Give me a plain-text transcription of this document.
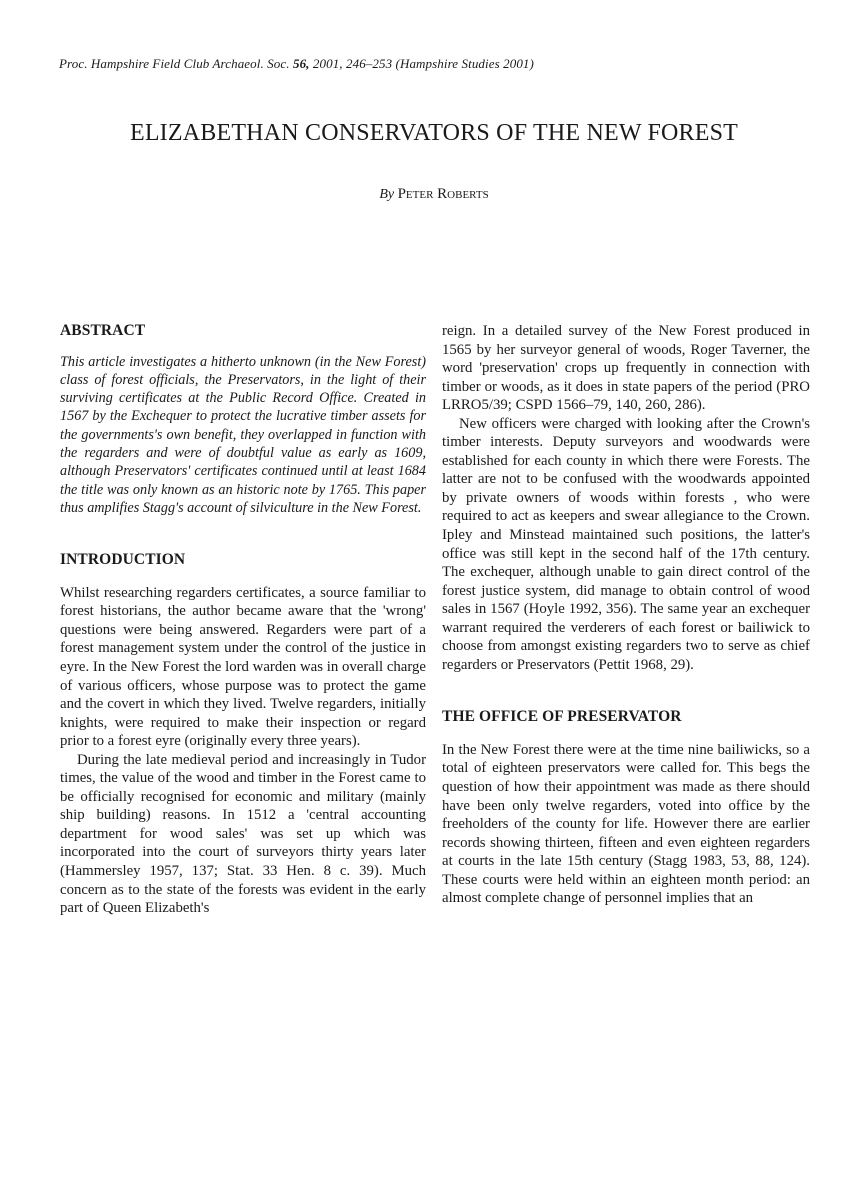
Proc. Hampshire Field Club Archaeol. Soc. 56, 2001, 246–253 (Hampshire Studies 2001)
ELIZABETHAN CONSERVATORS OF THE NEW FOREST
By Peter Roberts
ABSTRACT

This article investigates a hitherto unknown (in the New Forest) class of forest officials, the Preservators, in the light of their surviving certificates at the Public Record Office. Created in 1567 by the Exchequer to protect the lucrative timber assets for the governments's own benefit, they overlapped in function with the regarders and were of doubtful value as early as 1609, although Preservators' certificates continued until at least 1684 the title was only known as an historic note by 1765. This paper thus amplifies Stagg's account of silviculture in the New Forest.

INTRODUCTION

Whilst researching regarders certificates, a source familiar to forest historians, the author became aware that the 'wrong' questions were being answered. Regarders were part of a forest management system under the control of the justice in eyre. In the New Forest the lord warden was in overall charge of various officers, whose purpose was to protect the game and the covert in which they lived. Twelve regarders, initially knights, were required to make their inspection or regard prior to a forest eyre (originally every three years).

During the late medieval period and increasingly in Tudor times, the value of the wood and timber in the Forest came to be officially recognised for economic and military (mainly ship building) reasons. In 1512 a 'central accounting department for wood sales' was set up which was incorporated into the court of surveyors thirty years later (Hammersley 1957, 137; Stat. 33 Hen. 8 c. 39). Much concern as to the state of the forests was evident in the early part of Queen Elizabeth's

reign. In a detailed survey of the New Forest produced in 1565 by her surveyor general of woods, Roger Taverner, the word 'preservation' crops up frequently in connection with timber or woods, as it does in state papers of the period (PRO LRRO5/39; CSPD 1566–79, 140, 260, 286).

New officers were charged with looking after the Crown's timber interests. Deputy surveyors and woodwards were established for each county in which there were Forests. The latter are not to be confused with the woodwards appointed by private owners of woods within forests , who were required to act as keepers and swear allegiance to the Crown. Ipley and Minstead maintained such positions, the latter's office was still kept in the second half of the 17th century. The exchequer, although unable to gain direct control of the forest justice system, did manage to obtain control of wood sales in 1567 (Hoyle 1992, 356). The same year an exchequer warrant required the verderers of each forest or bailiwick to choose from amongst existing regarders two to serve as chief regarders or Preservators (Pettit 1968, 29).

THE OFFICE OF PRESERVATOR

In the New Forest there were at the time nine bailiwicks, so a total of eighteen preservators were called for. This begs the question of how their appointment was made as there should have been only twelve regarders, voted into office by the freeholders of the county for life. However there are earlier records showing thirteen, fifteen and even eighteen regarders at courts in the late 15th century (Stagg 1983, 53, 88, 124). These courts were held within an eighteen month period: an almost complete change of personnel implies that an
